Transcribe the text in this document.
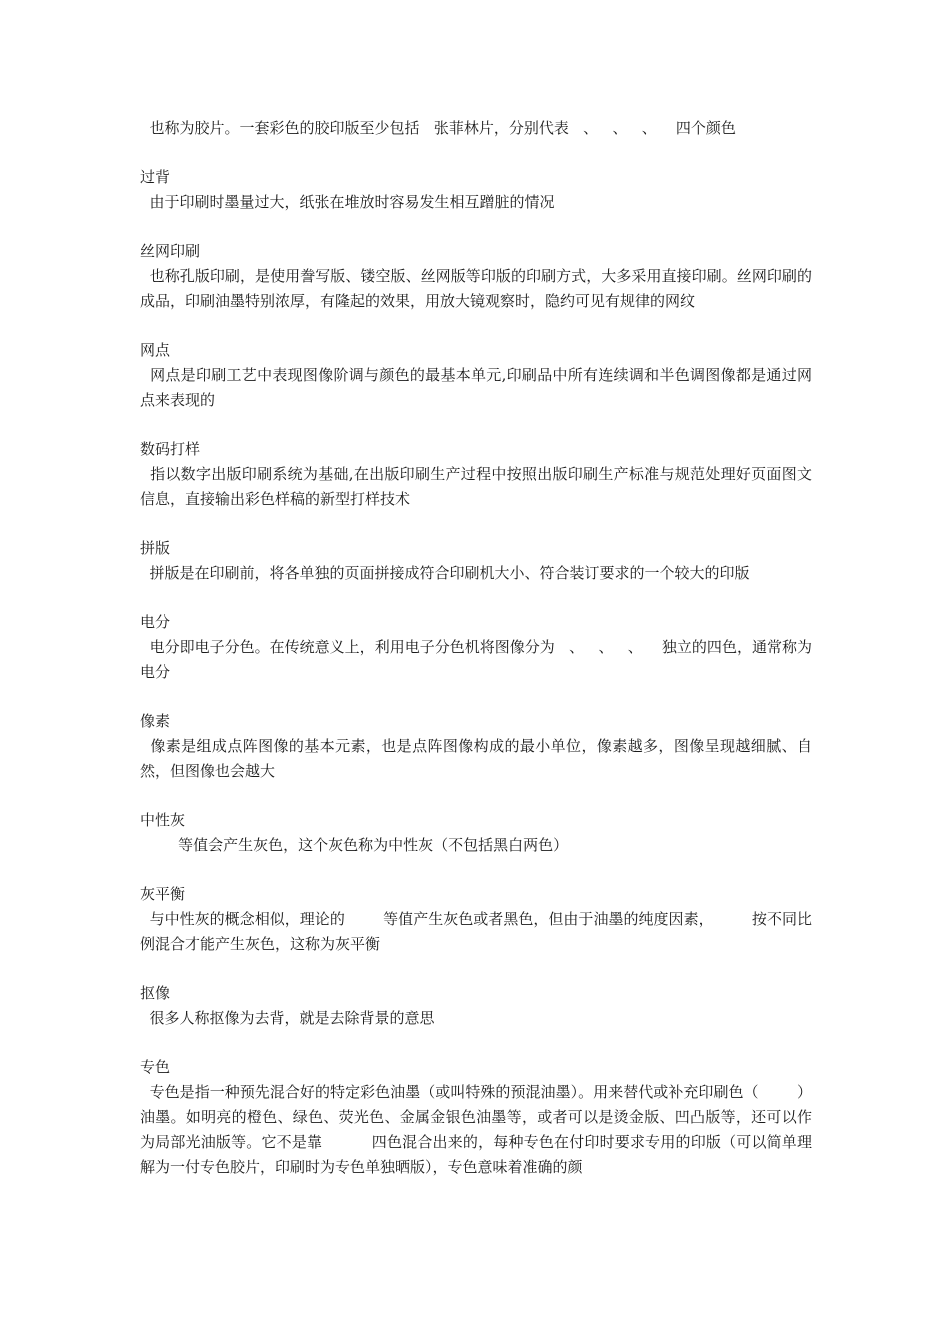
也称为胶片。一套彩色的胶印版至少包括   张菲林片，分别代表   、   、   、    四个颜色

过背

由于印刷时墨量过大，纸张在堆放时容易发生相互蹭脏的情况

丝网印刷

也称孔版印刷，是使用誊写版、镂空版、丝网版等印版的印刷方式，大多采用直接印刷。丝网印刷的成品，印刷油墨特别浓厚，有隆起的效果，用放大镜观察时，隐约可见有规律的网纹

网点

网点是印刷工艺中表现图像阶调与颜色的最基本单元,印刷品中所有连续调和半色调图像都是通过网点来表现的

数码打样

指以数字出版印刷系统为基础,在出版印刷生产过程中按照出版印刷生产标准与规范处理好页面图文信息，直接输出彩色样稿的新型打样技术

拼版

拼版是在印刷前，将各单独的页面拼接成符合印刷机大小、符合装订要求的一个较大的印版

电分

电分即电子分色。在传统意义上，利用电子分色机将图像分为   、   、   、    独立的四色，通常称为电分

像素

像素是组成点阵图像的基本元素，也是点阵图像构成的最小单位，像素越多，图像呈现越细腻、自然，但图像也会越大

中性灰

等值会产生灰色，这个灰色称为中性灰（不包括黑白两色）

灰平衡

与中性灰的概念相似，理论的        等值产生灰色或者黑色，但由于油墨的纯度因素，        按不同比例混合才能产生灰色，这称为灰平衡

抠像

很多人称抠像为去背，就是去除背景的意思

专色

专色是指一种预先混合好的特定彩色油墨（或叫特殊的预混油墨）。用来替代或补充印刷色（        ）油墨。如明亮的橙色、绿色、荧光色、金属金银色油墨等，或者可以是烫金版、凹凸版等，还可以作为局部光油版等。它不是靠          四色混合出来的，每种专色在付印时要求专用的印版（可以简单理解为一付专色胶片，印刷时为专色单独晒版），专色意味着准确的颜
